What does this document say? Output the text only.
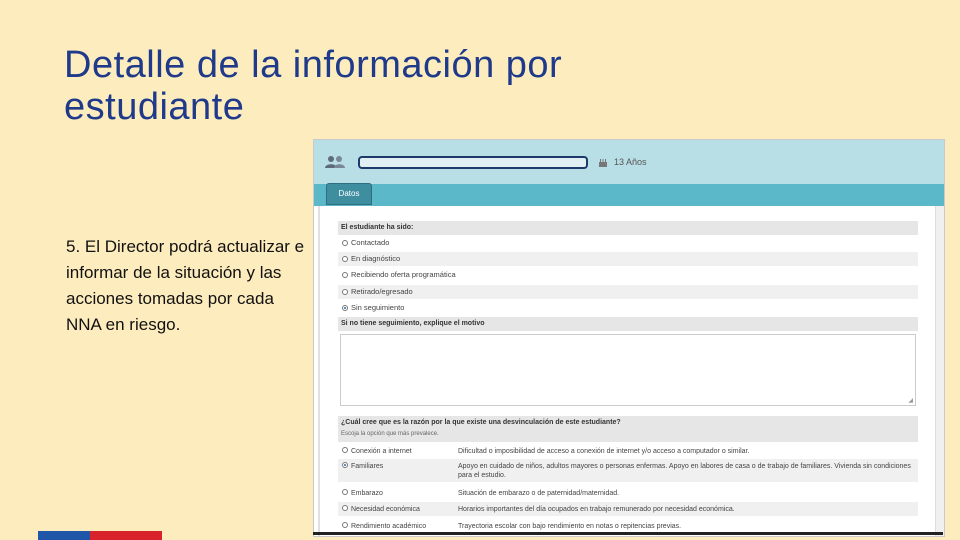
Detalle de la información por estudiante

5. El Director podrá actualizar e informar de la situación y las acciones tomadas por cada NNA en riesgo.

13 Años
Datos
El estudiante ha sido:
Contactado
En diagnóstico
Recibiendo oferta programática
Retirado/egresado
Sin seguimiento
Si no tiene seguimiento, explique el motivo
◢
¿Cuál cree que es la razón por la que existe una desvinculación de este estudiante?
Escoja la opción que más prevalece.
Conexión a internet	Dificultad o imposibilidad de acceso a conexión de internet y/o acceso a computador o similar.
Familiares	Apoyo en cuidado de niños, adultos mayores o personas enfermas. Apoyo en labores de casa o de trabajo de familiares. Vivienda sin condiciones para el estudio.
Embarazo	Situación de embarazo o de paternidad/maternidad.
Necesidad económica	Horarios importantes del día ocupados en trabajo remunerado por necesidad económica.
Rendimiento académico	Trayectoria escolar con bajo rendimiento en notas o repitencias previas.
